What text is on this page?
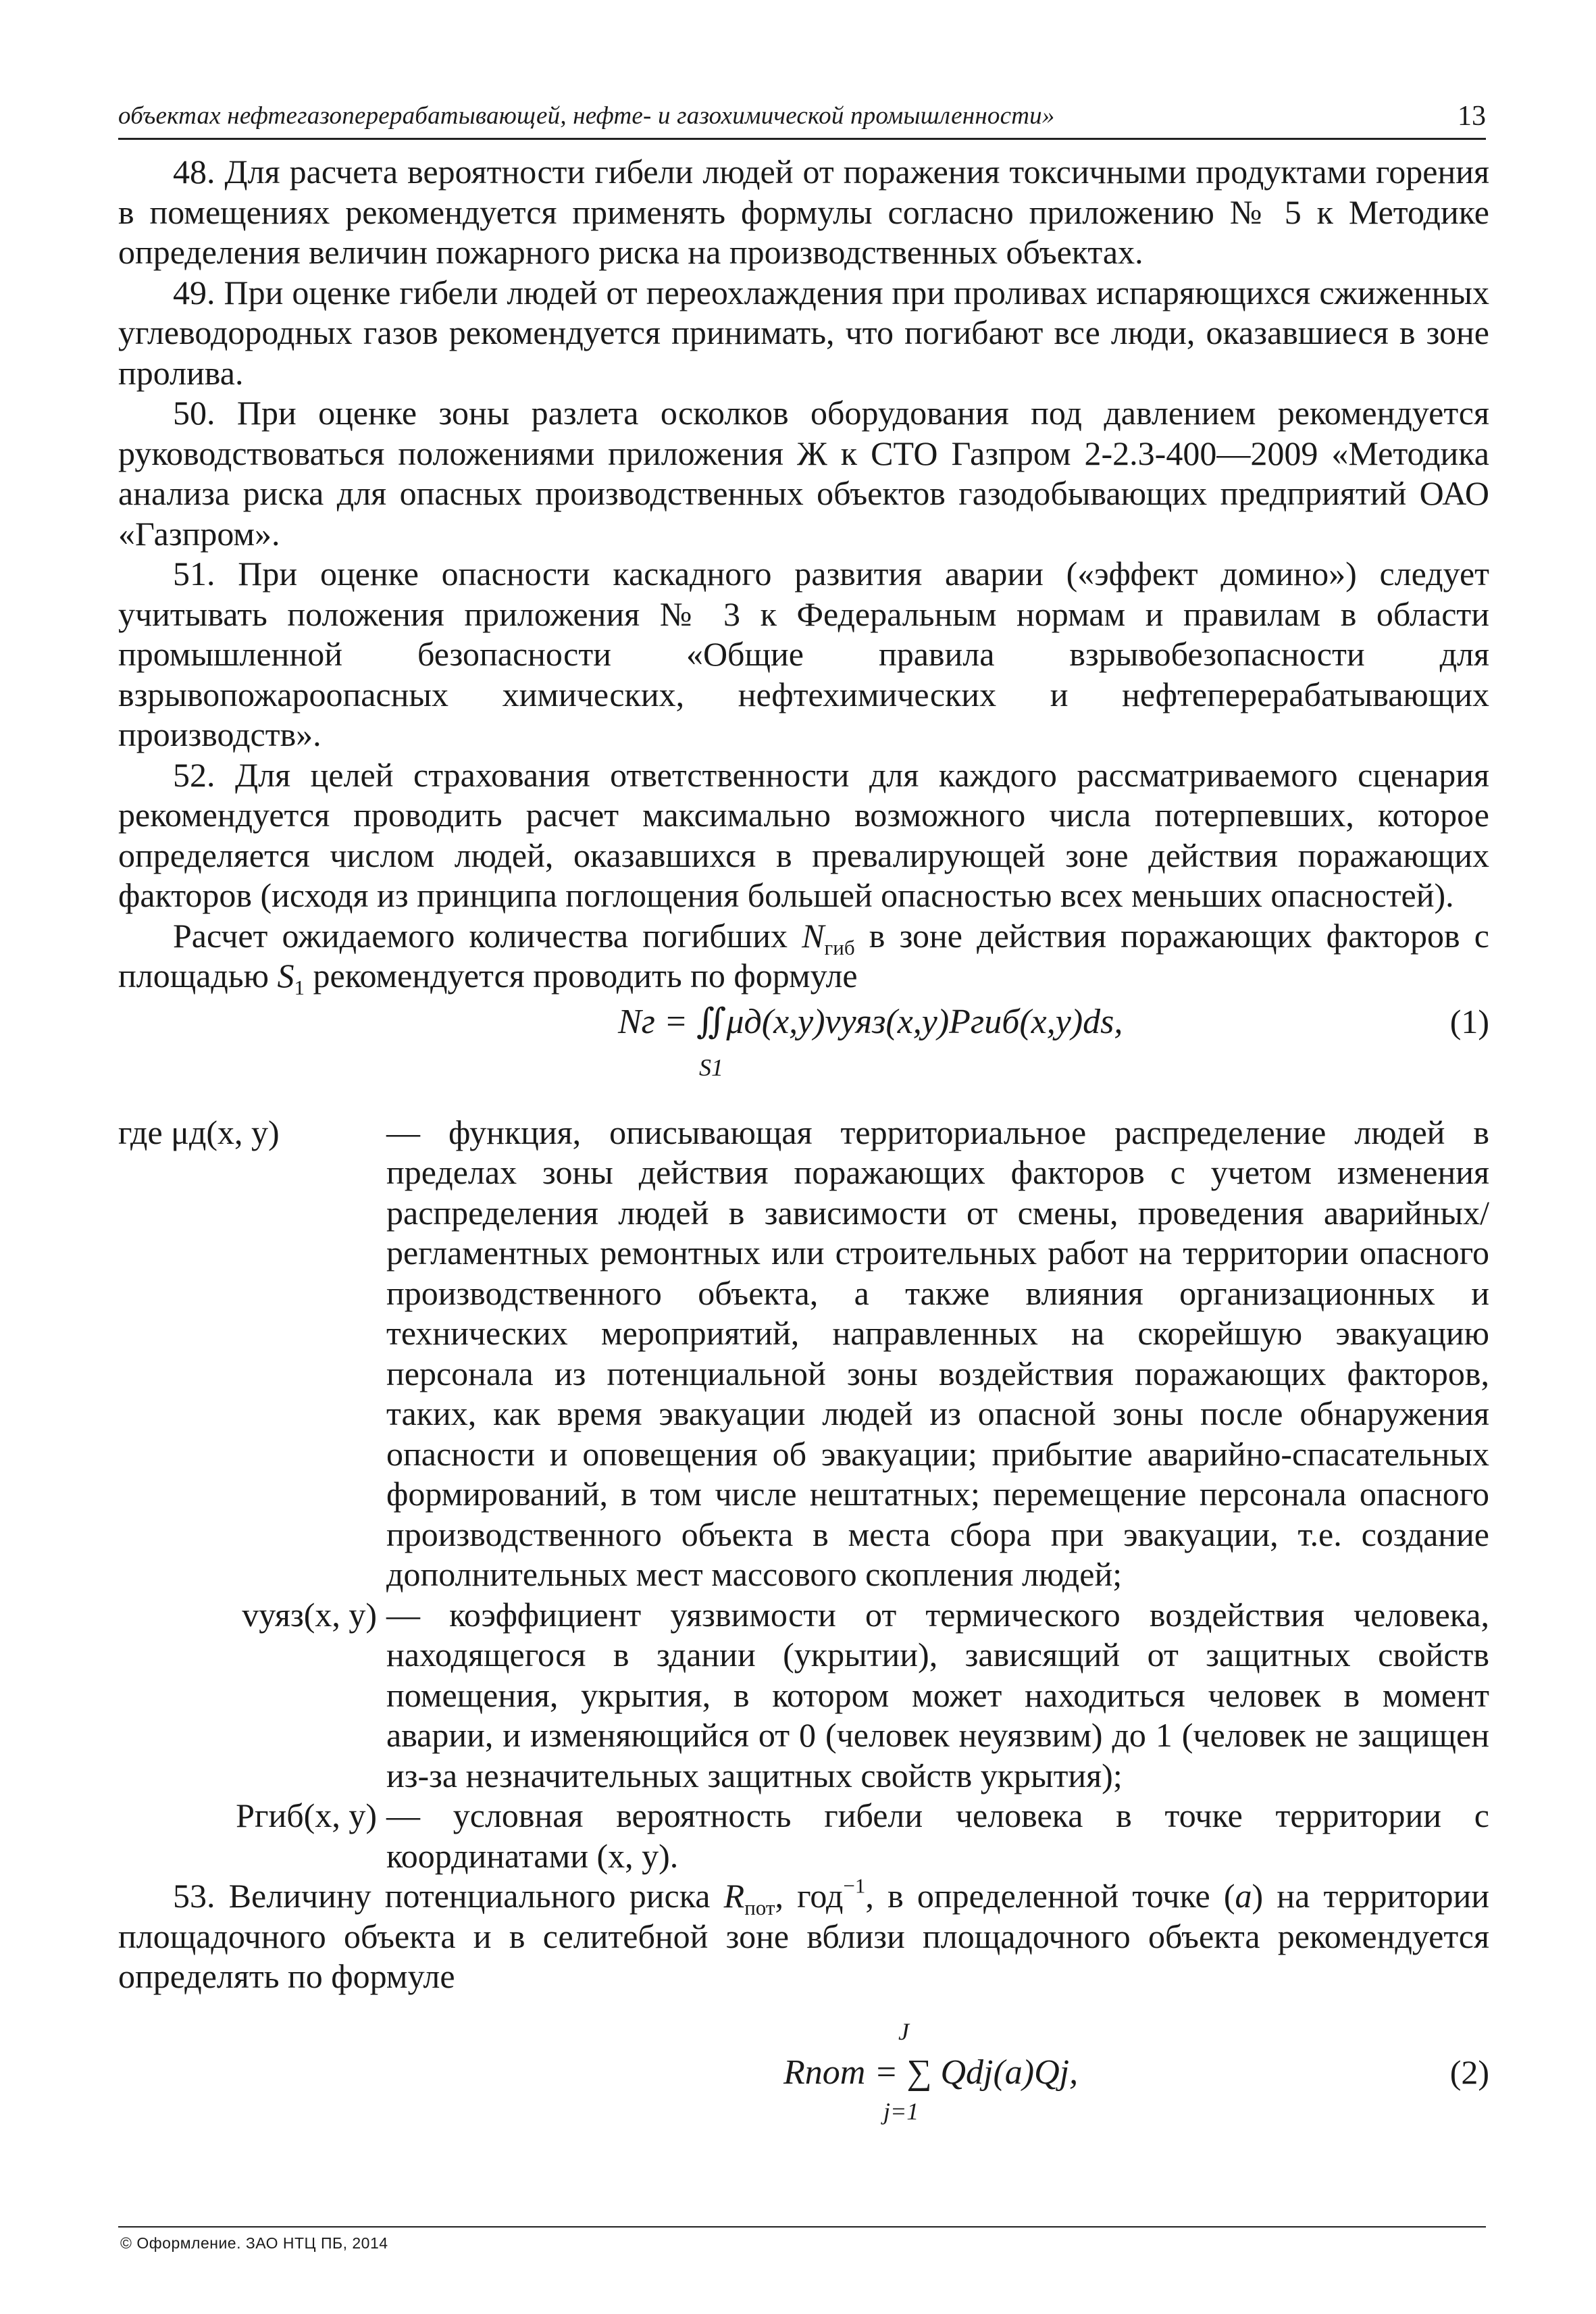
объектах нефтегазоперерабатывающей, нефте- и газохимической промышленности»	13

48. Для расчета вероятности гибели людей от поражения токсичными продуктами горения в помещениях рекомендуется применять формулы согласно приложению № 5 к Методике определения величин пожарного риска на производственных объектах.

49. При оценке гибели людей от переохлаждения при проливах испаряющихся сжиженных углеводородных газов рекомендуется принимать, что погибают все люди, оказавшиеся в зоне пролива.

50. При оценке зоны разлета осколков оборудования под давлением рекомендуется руководствоваться положениями приложения Ж к СТО Газпром 2-2.3-400—2009 «Методика анализа риска для опасных производственных объектов газодобывающих предприятий ОАО «Газпром».

51. При оценке опасности каскадного развития аварии («эффект домино») следует учитывать положения приложения № 3 к Федеральным нормам и правилам в области промышленной безопасности «Общие правила взрывобезопасности для взрывопожароопасных химических, нефтехимических и нефтеперерабатывающих производств».

52. Для целей страхования ответственности для каждого рассматриваемого сценария рекомендуется проводить расчет максимально возможного числа потерпевших, которое определяется числом людей, оказавшихся в превалирующей зоне действия поражающих факторов (исходя из принципа поглощения большей опасностью всех меньших опасностей).

Расчет ожидаемого количества погибших $N_{гиб}$ в зоне действия поражающих факторов с площадью $S_1$ рекомендуется проводить по формуле

Nг = ∬μд(x,y)νуяз(x,y)Pгиб(x,y)ds,
S1
(1)
где μд(x, y)	— функция, описывающая территориальное распределение людей в пределах зоны действия поражающих факторов с учетом изменения распределения людей в зависимости от смены, проведения аварийных/ регламентных ремонтных или строительных работ на территории опасного производственного объекта, а также влияния организационных и технических мероприятий, направленных на скорейшую эвакуацию персонала из потенциальной зоны воздействия поражающих факторов, таких, как время эвакуации людей из опасной зоны после обнаружения опасности и оповещения об эвакуации; прибытие аварийно-спасательных формирований, в том числе нештатных; перемещение персонала опасного производственного объекта в места сбора при эвакуации, т.е. создание дополнительных мест массового скопления людей;
vуяз(x, y) — коэффициент уязвимости от термического воздействия человека, находящегося в здании (укрытии), зависящий от защитных свойств помещения, укрытия, в котором может находиться человек в момент аварии, и изменяющийся от 0 (человек неуязвим) до 1 (человек не защищен из-за незначительных защитных свойств укрытия);
Pгиб(x, y) — условная вероятность гибели человека в точке территории с координатами (x, y).

53. Величину потенциального риска $R_{пот}$, год$^{-1}$, в определенной точке (a) на территории площадочного объекта и в селитебной зоне вблизи площадочного объекта рекомендуется определять по формуле

J
Rпот = ∑ Qdj(a)Qj,
j=1
(2)
© Оформление. ЗАО НТЦ ПБ, 2014
